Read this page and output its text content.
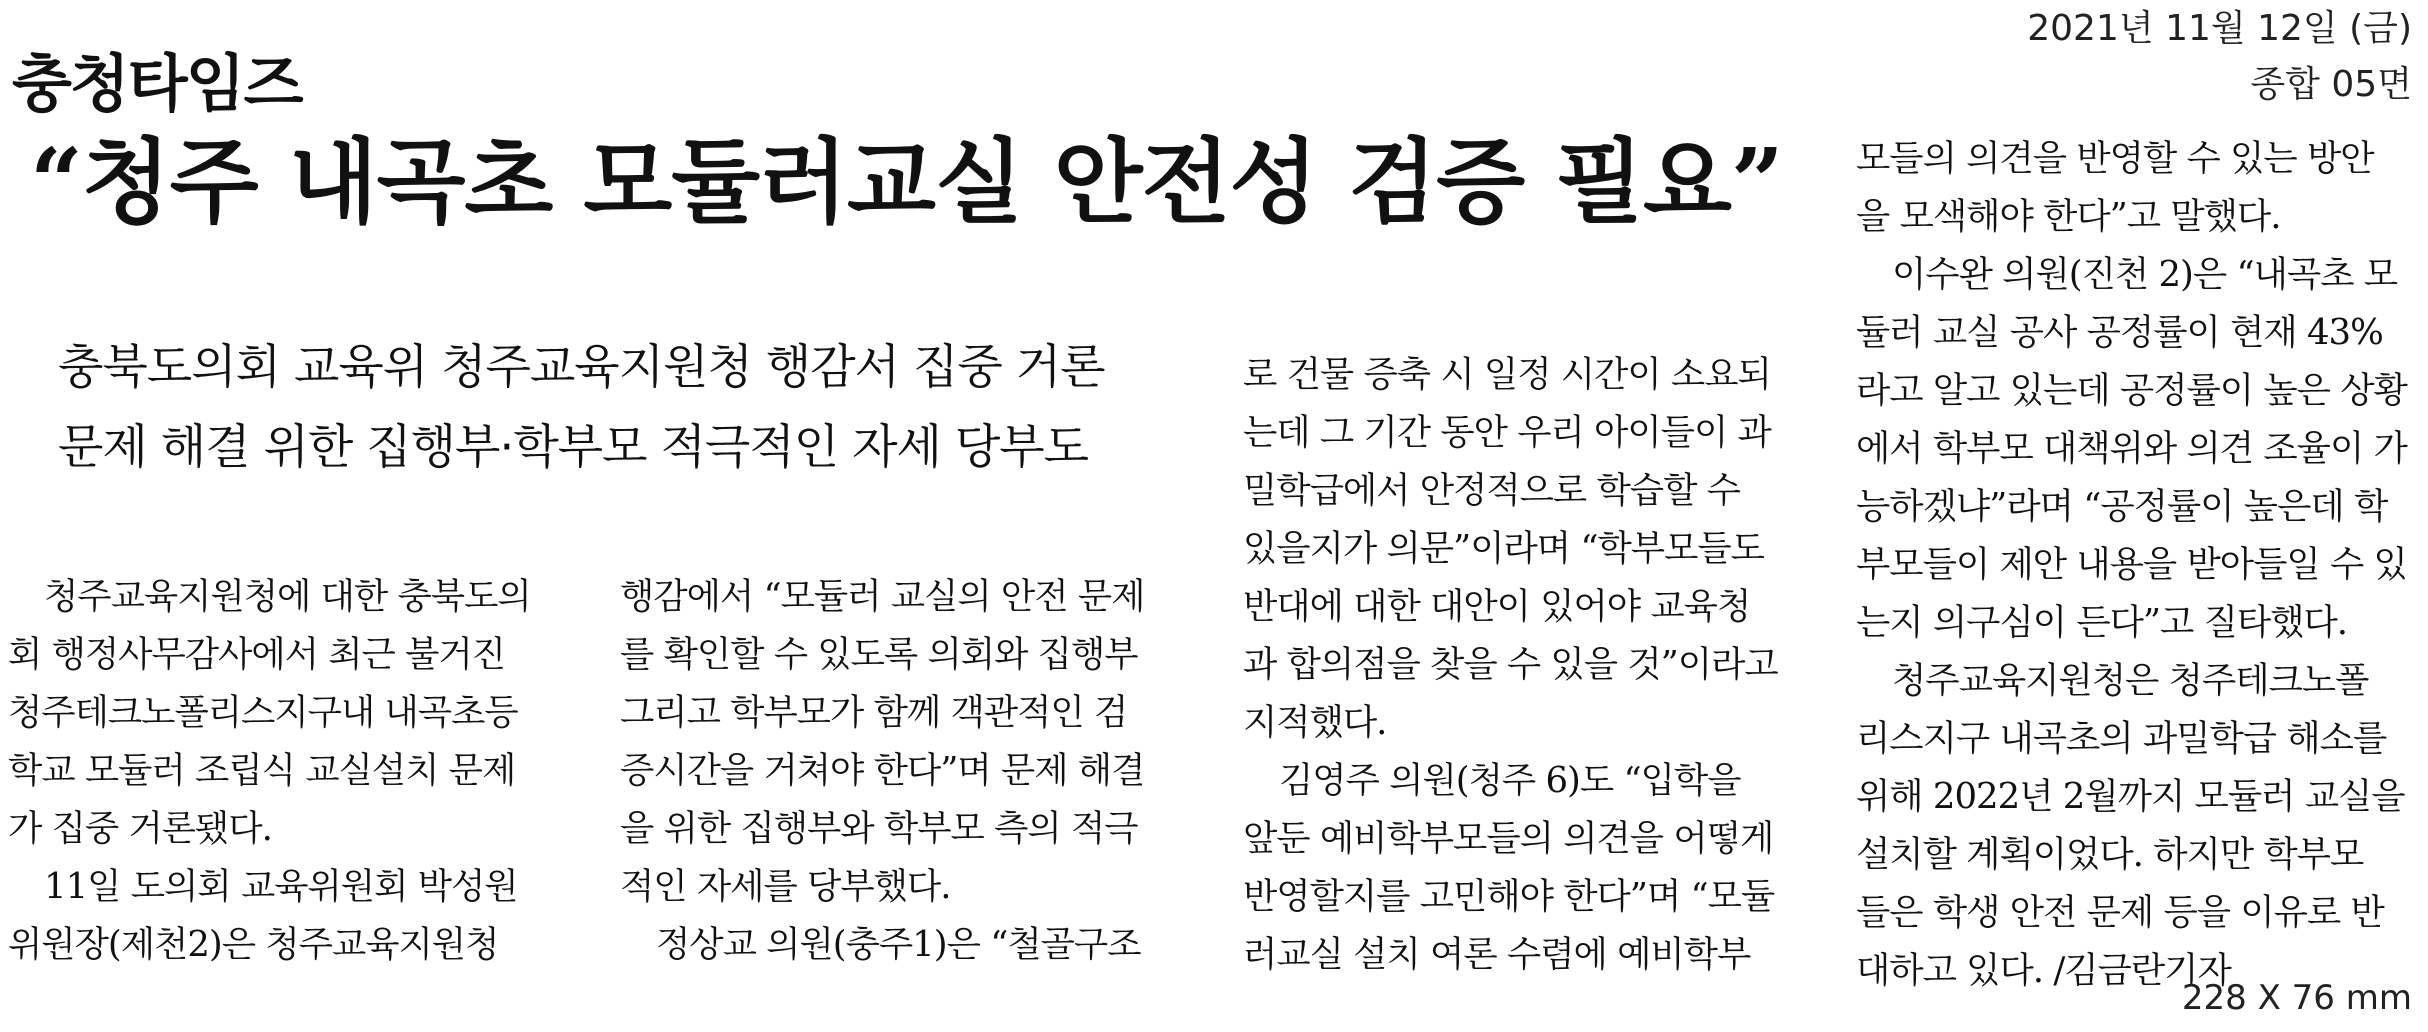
충청타임즈
2021년 11월 12일 (금)
종합 05면
“청주 내곡초 모듈러교실 안전성 검증 필요”
충북도의회 교육위 청주교육지원청 행감서 집중 거론
문제 해결 위한 집행부·학부모 적극적인 자세 당부도
청주교육지원청에 대한 충북도의
회 행정사무감사에서 최근 불거진
청주테크노폴리스지구내 내곡초등
학교 모듈러 조립식 교실설치 문제
가 집중 거론됐다.
11일 도의회 교육위원회 박성원
위원장(제천2)은 청주교육지원청
행감에서 “모듈러 교실의 안전 문제
를 확인할 수 있도록 의회와 집행부
그리고 학부모가 함께 객관적인 검
증시간을 거쳐야 한다”며 문제 해결
을 위한 집행부와 학부모 측의 적극
적인 자세를 당부했다.
정상교 의원(충주1)은 “철골구조
로 건물 증축 시 일정 시간이 소요되
는데 그 기간 동안 우리 아이들이 과
밀학급에서 안정적으로 학습할 수
있을지가 의문”이라며 “학부모들도
반대에 대한 대안이 있어야 교육청
과 합의점을 찾을 수 있을 것”이라고
지적했다.
김영주 의원(청주 6)도 “입학을
앞둔 예비학부모들의 의견을 어떻게
반영할지를 고민해야 한다”며 “모듈
러교실 설치 여론 수렴에 예비학부
모들의 의견을 반영할 수 있는 방안
을 모색해야 한다”고 말했다.
이수완 의원(진천 2)은 “내곡초 모
듈러 교실 공사 공정률이 현재 43%
라고 알고 있는데 공정률이 높은 상황
에서 학부모 대책위와 의견 조율이 가
능하겠냐”라며 “공정률이 높은데 학
부모들이 제안 내용을 받아들일 수 있
는지 의구심이 든다”고 질타했다.
청주교육지원청은 청주테크노폴
리스지구 내곡초의 과밀학급 해소를
위해 2022년 2월까지 모듈러 교실을
설치할 계획이었다. 하지만 학부모
들은 학생 안전 문제 등을 이유로 반
대하고 있다. /김금란기자
228 X 76 mm
